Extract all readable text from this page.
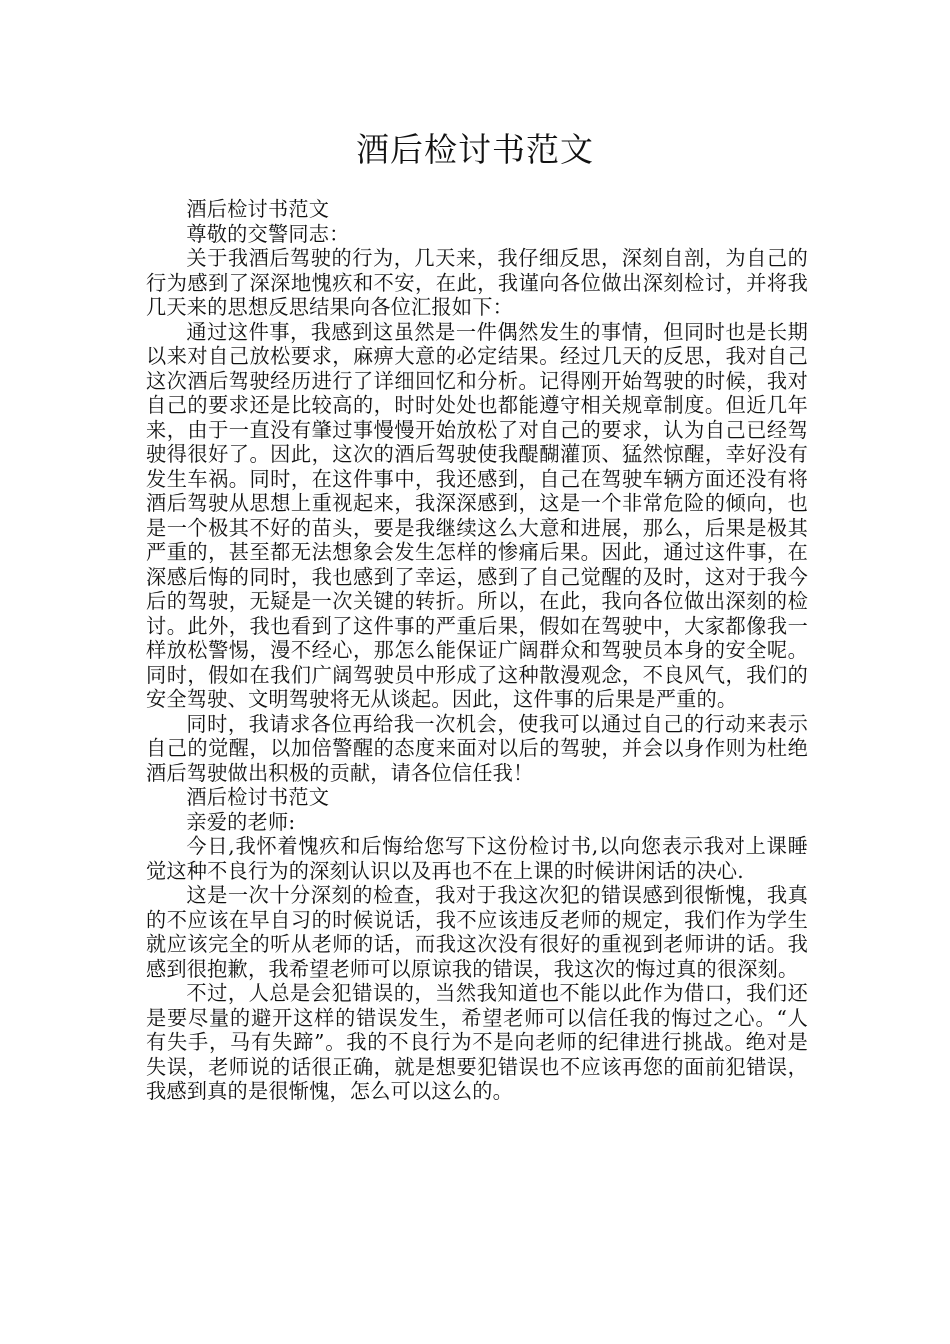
酒后检讨书范文

酒后检讨书范文

尊敬的交警同志：

关于我酒后驾驶的行为，几天来，我仔细反思，深刻自剖，为自己的行为感到了深深地愧疚和不安，在此，我谨向各位做出深刻检讨，并将我几天来的思想反思结果向各位汇报如下：

通过这件事，我感到这虽然是一件偶然发生的事情，但同时也是长期以来对自己放松要求，麻痹大意的必定结果。经过几天的反思，我对自己这次酒后驾驶经历进行了详细回忆和分析。记得刚开始驾驶的时候，我对自己的要求还是比较高的，时时处处也都能遵守相关规章制度。但近几年来，由于一直没有肇过事慢慢开始放松了对自己的要求，认为自己已经驾驶得很好了。因此，这次的酒后驾驶使我醍醐灌顶、猛然惊醒，幸好没有发生车祸。同时，在这件事中，我还感到，自己在驾驶车辆方面还没有将酒后驾驶从思想上重视起来，我深深感到，这是一个非常危险的倾向，也是一个极其不好的苗头，要是我继续这么大意和进展，那么，后果是极其严重的，甚至都无法想象会发生怎样的惨痛后果。因此，通过这件事，在深感后悔的同时，我也感到了幸运，感到了自己觉醒的及时，这对于我今后的驾驶，无疑是一次关键的转折。所以，在此，我向各位做出深刻的检讨。此外，我也看到了这件事的严重后果，假如在驾驶中，大家都像我一样放松警惕，漫不经心，那怎么能保证广阔群众和驾驶员本身的安全呢。同时，假如在我们广阔驾驶员中形成了这种散漫观念，不良风气，我们的安全驾驶、文明驾驶将无从谈起。因此，这件事的后果是严重的。

同时，我请求各位再给我一次机会，使我可以通过自己的行动来表示自己的觉醒，以加倍警醒的态度来面对以后的驾驶，并会以身作则为杜绝酒后驾驶做出积极的贡献，请各位信任我！

酒后检讨书范文

亲爱的老师:

今日,我怀着愧疚和后悔给您写下这份检讨书,以向您表示我对上课睡觉这种不良行为的深刻认识以及再也不在上课的时候讲闲话的决心.

这是一次十分深刻的检查，我对于我这次犯的错误感到很惭愧，我真的不应该在早自习的时候说话，我不应该违反老师的规定，我们作为学生就应该完全的听从老师的话，而我这次没有很好的重视到老师讲的话。我感到很抱歉，我希望老师可以原谅我的错误，我这次的悔过真的很深刻。

不过，人总是会犯错误的，当然我知道也不能以此作为借口，我们还是要尽量的避开这样的错误发生，希望老师可以信任我的悔过之心。“人有失手，马有失蹄”。我的不良行为不是向老师的纪律进行挑战。绝对是失误，老师说的话很正确，就是想要犯错误也不应该再您的面前犯错误，我感到真的是很惭愧，怎么可以这么的。
